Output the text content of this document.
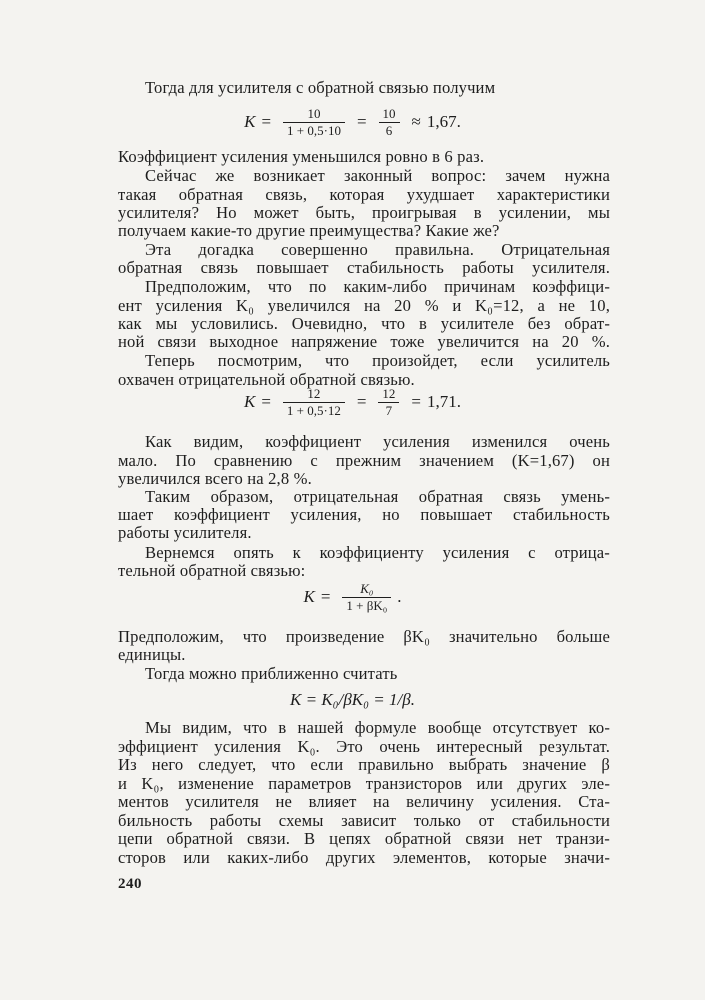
Тогда для усилителя с обратной связью получим
$K = \frac{10}{1 + 0,5\cdot 10} = \frac{10}{6} \approx 1,67$.
Коэффициент усиления уменьшился ровно в 6 раз.
Сейчас же возникает законный вопрос: зачем нужна
такая обратная связь, которая ухудшает характеристики
усилителя? Но может быть, проигрывая в усилении, мы
получаем какие-то другие преимущества? Какие же?
Эта догадка совершенно правильна. Отрицательная
обратная связь повышает стабильность работы усилителя.
Предположим, что по каким-либо причинам коэффици-
ент усиления K₀ увеличился на 20 % и K₀=12, а не 10,
как мы условились. Очевидно, что в усилителе без обрат-
ной связи выходное напряжение тоже увеличится на 20 %.
Теперь посмотрим, что произойдет, если усилитель
охвачен отрицательной обратной связью.
$K = \frac{12}{1 + 0,5\cdot 12} = \frac{12}{7} = 1,71$.
Как видим, коэффициент усиления изменился очень
мало. По сравнению с прежним значением (K=1,67) он
увеличился всего на 2,8 %.
Таким образом, отрицательная обратная связь умень-
шает коэффициент усиления, но повышает стабильность
работы усилителя.
Вернемся опять к коэффициенту усиления с отрица-
тельной обратной связью:
$K = \frac{\text{K₀}}{\text{1 + βK₀}}$ .
Предположим, что произведение βK₀ значительно больше
единицы.
Тогда можно приближенно считать
K = K₀/βK₀ = 1/β.
Мы видим, что в нашей формуле вообще отсутствует ко-
эффициент усиления K₀. Это очень интересный результат.
Из него следует, что если правильно выбрать значение β
и K₀, изменение параметров транзисторов или других эле-
ментов усилителя не влияет на величину усиления. Ста-
бильность работы схемы зависит только от стабильности
цепи обратной связи. В цепях обратной связи нет транзи-
сторов или каких-либо других элементов, которые значи-
240
